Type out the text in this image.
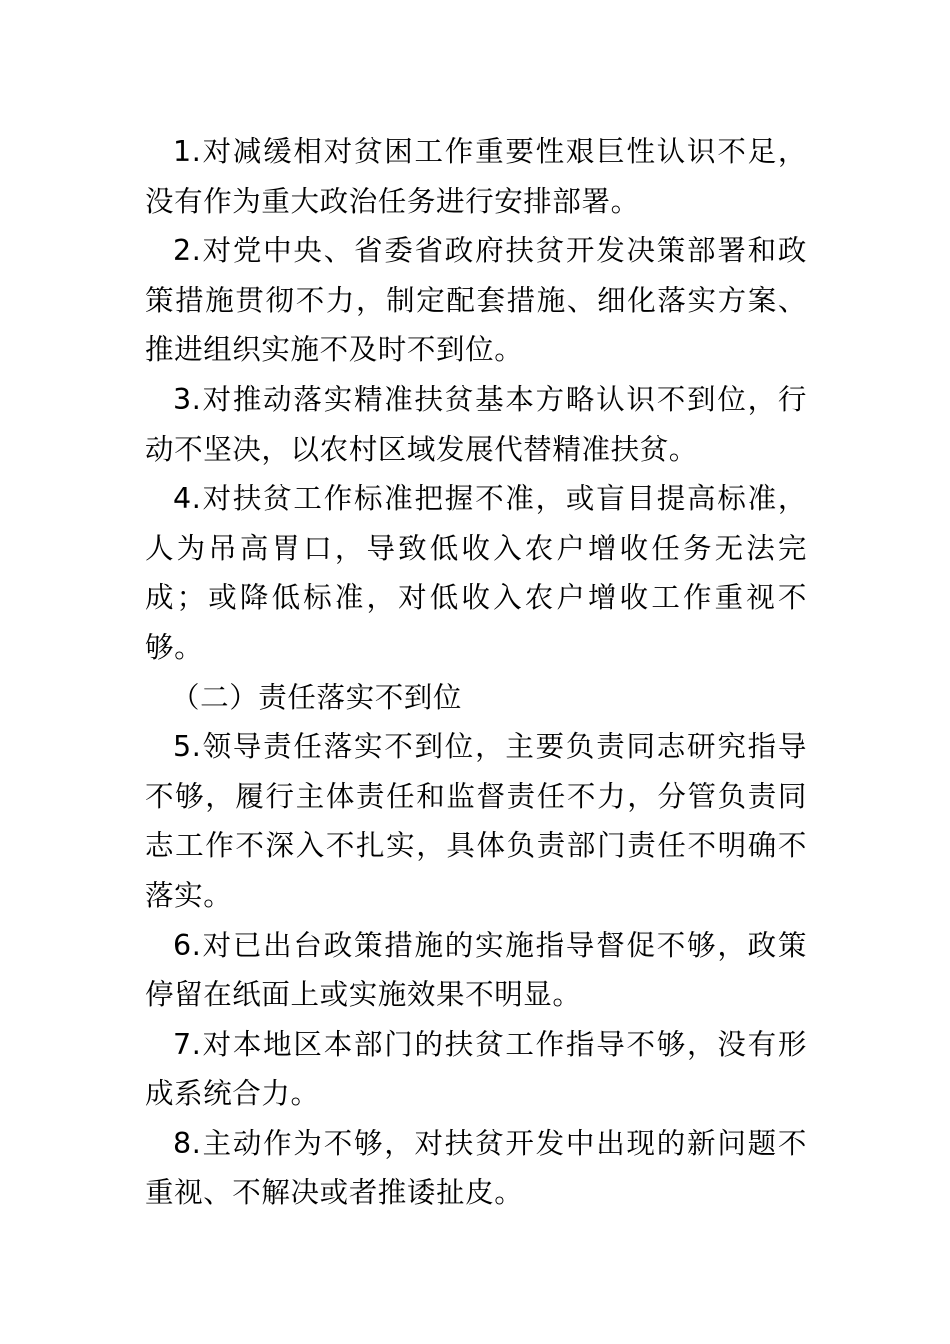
1.对减缓相对贫困工作重要性艰巨性认识不足，没有作为重大政治任务进行安排部署。

2.对党中央、省委省政府扶贫开发决策部署和政策措施贯彻不力，制定配套措施、细化落实方案、推进组织实施不及时不到位。

3.对推动落实精准扶贫基本方略认识不到位，行动不坚决，以农村区域发展代替精准扶贫。

4.对扶贫工作标准把握不准，或盲目提高标准，人为吊高胃口，导致低收入农户增收任务无法完成；或降低标准，对低收入农户增收工作重视不够。

（二）责任落实不到位

5.领导责任落实不到位，主要负责同志研究指导不够，履行主体责任和监督责任不力，分管负责同志工作不深入不扎实，具体负责部门责任不明确不落实。

6.对已出台政策措施的实施指导督促不够，政策停留在纸面上或实施效果不明显。

7.对本地区本部门的扶贫工作指导不够，没有形成系统合力。

8.主动作为不够，对扶贫开发中出现的新问题不重视、不解决或者推诿扯皮。
